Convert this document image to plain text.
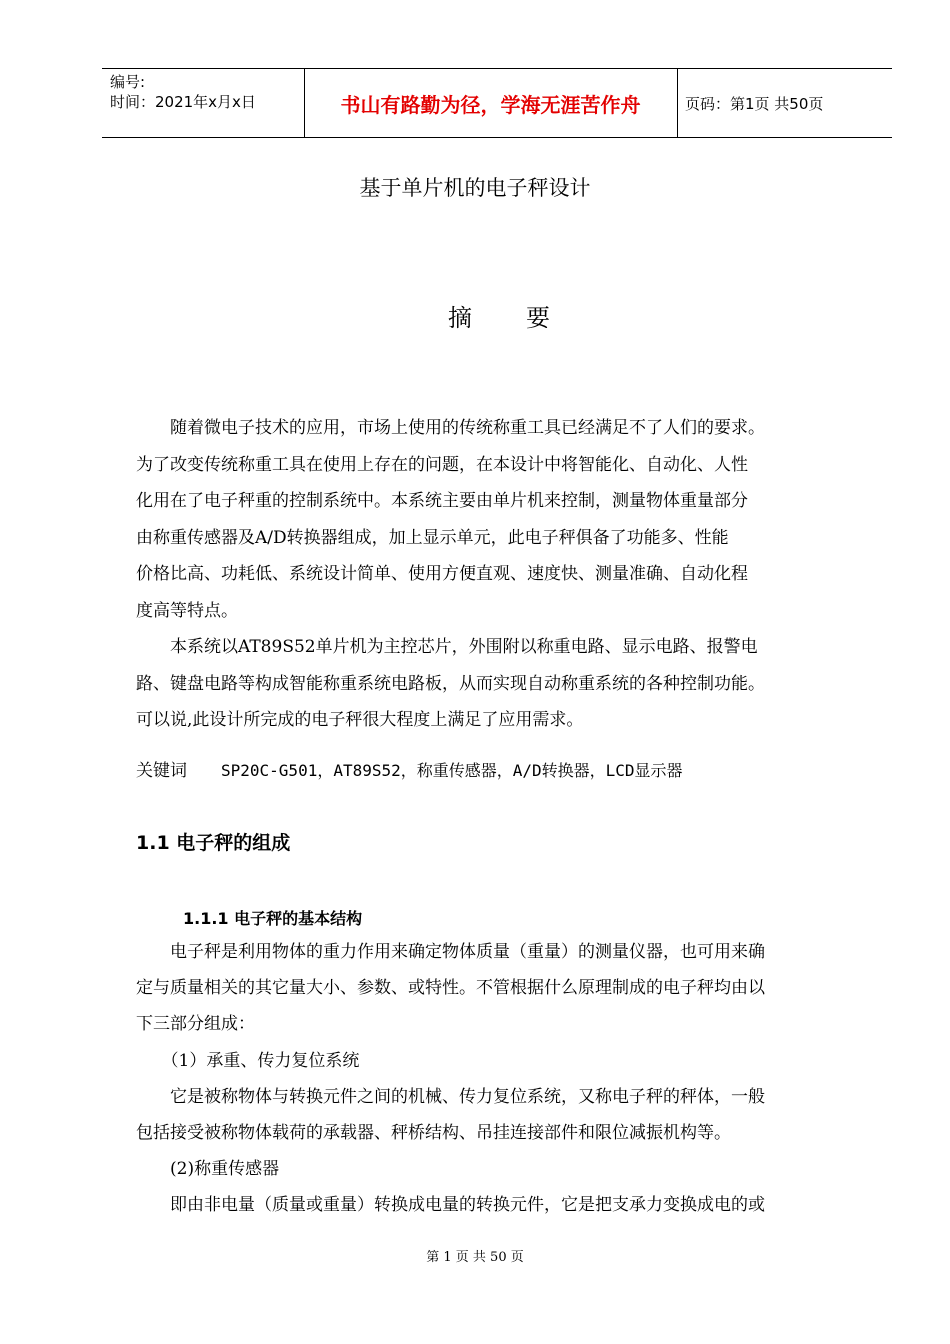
编号:
时间：2021年x月x日	书山有路勤为径，学海无涯苦作舟	页码：第1页 共50页
基于单片机的电子秤设计
摘 要
　　随着微电子技术的应用，市场上使用的传统称重工具已经满足不了人们的要求。
为了改变传统称重工具在使用上存在的问题，在本设计中将智能化、自动化、人性
化用在了电子秤重的控制系统中。本系统主要由单片机来控制，测量物体重量部分
由称重传感器及A/D转换器组成，加上显示单元，此电子秤俱备了功能多、性能
价格比高、功耗低、系统设计简单、使用方便直观、速度快、测量准确、自动化程
度高等特点。
　　本系统以AT89S52单片机为主控芯片，外围附以称重电路、显示电路、报警电
路、键盘电路等构成智能称重系统电路板，从而实现自动称重系统的各种控制功能。
可以说,此设计所完成的电子秤很大程度上满足了应用需求。
关键词 SP20C-G501，AT89S52，称重传感器，A/D转换器，LCD显示器
1.1 电子秤的组成
1.1.1 电子秤的基本结构
　　电子秤是利用物体的重力作用来确定物体质量（重量）的测量仪器，也可用来确
定与质量相关的其它量大小、参数、或特性。不管根据什么原理制成的电子秤均由以
下三部分组成：
　　（1）承重、传力复位系统
　　它是被称物体与转换元件之间的机械、传力复位系统，又称电子秤的秤体，一般
包括接受被称物体载荷的承载器、秤桥结构、吊挂连接部件和限位减振机构等。
　　(2)称重传感器
　　即由非电量（质量或重量）转换成电量的转换元件，它是把支承力变换成电的或
第 1 页 共 50 页
